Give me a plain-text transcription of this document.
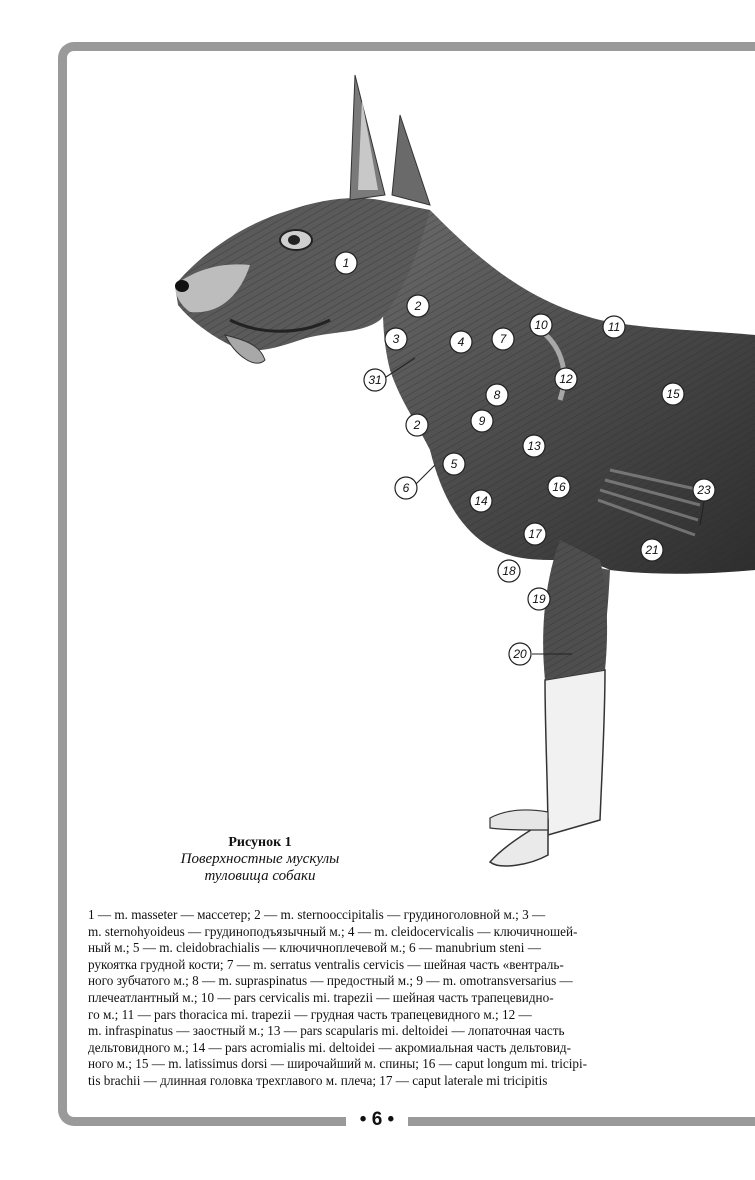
1
2
3
31
4	7
10	11
12
15
8
9
2
13
5
6
14
16	23
17
21
18
19
20
Рисунок 1
Поверхностные мускулы
туловища собаки
1 — m. masseter — массетер; 2 — m. sternooccipitalis — грудиноголовной м.; 3 —
m. sternohyoideus — грудиноподъязычный м.; 4 — m. cleidocervicalis — ключичношей-
ный м.; 5 — m. cleidobrachialis — ключичноплечевой м.; 6 — manubrium steni —
рукоятка грудной кости; 7 — m. serratus ventralis cervicis — шейная часть «вентраль-
ного зубчатого м.; 8 — m. supraspinatus — предостный м.; 9 — m. omotransversarius —
плечеатлантный м.; 10 — pars cervicalis mi. trapezii — шейная часть трапецевидно-
го м.; 11 — pars thoracica mi. trapezii — грудная часть трапецевидного м.; 12 —
m. infraspinatus — заостный м.; 13 — pars scapularis mi. deltoidei — лопаточная часть
дельтовидного м.; 14 — pars acromialis mi. deltoidei — акромиальная часть дельтовид-
ного м.; 15 — m. latissimus dorsi — широчайший м. спины; 16 — caput longum mi. tricipi-
tis brachii — длинная головка трехглавого м. плеча; 17 — caput laterale mi tricipitis
• 6 •
